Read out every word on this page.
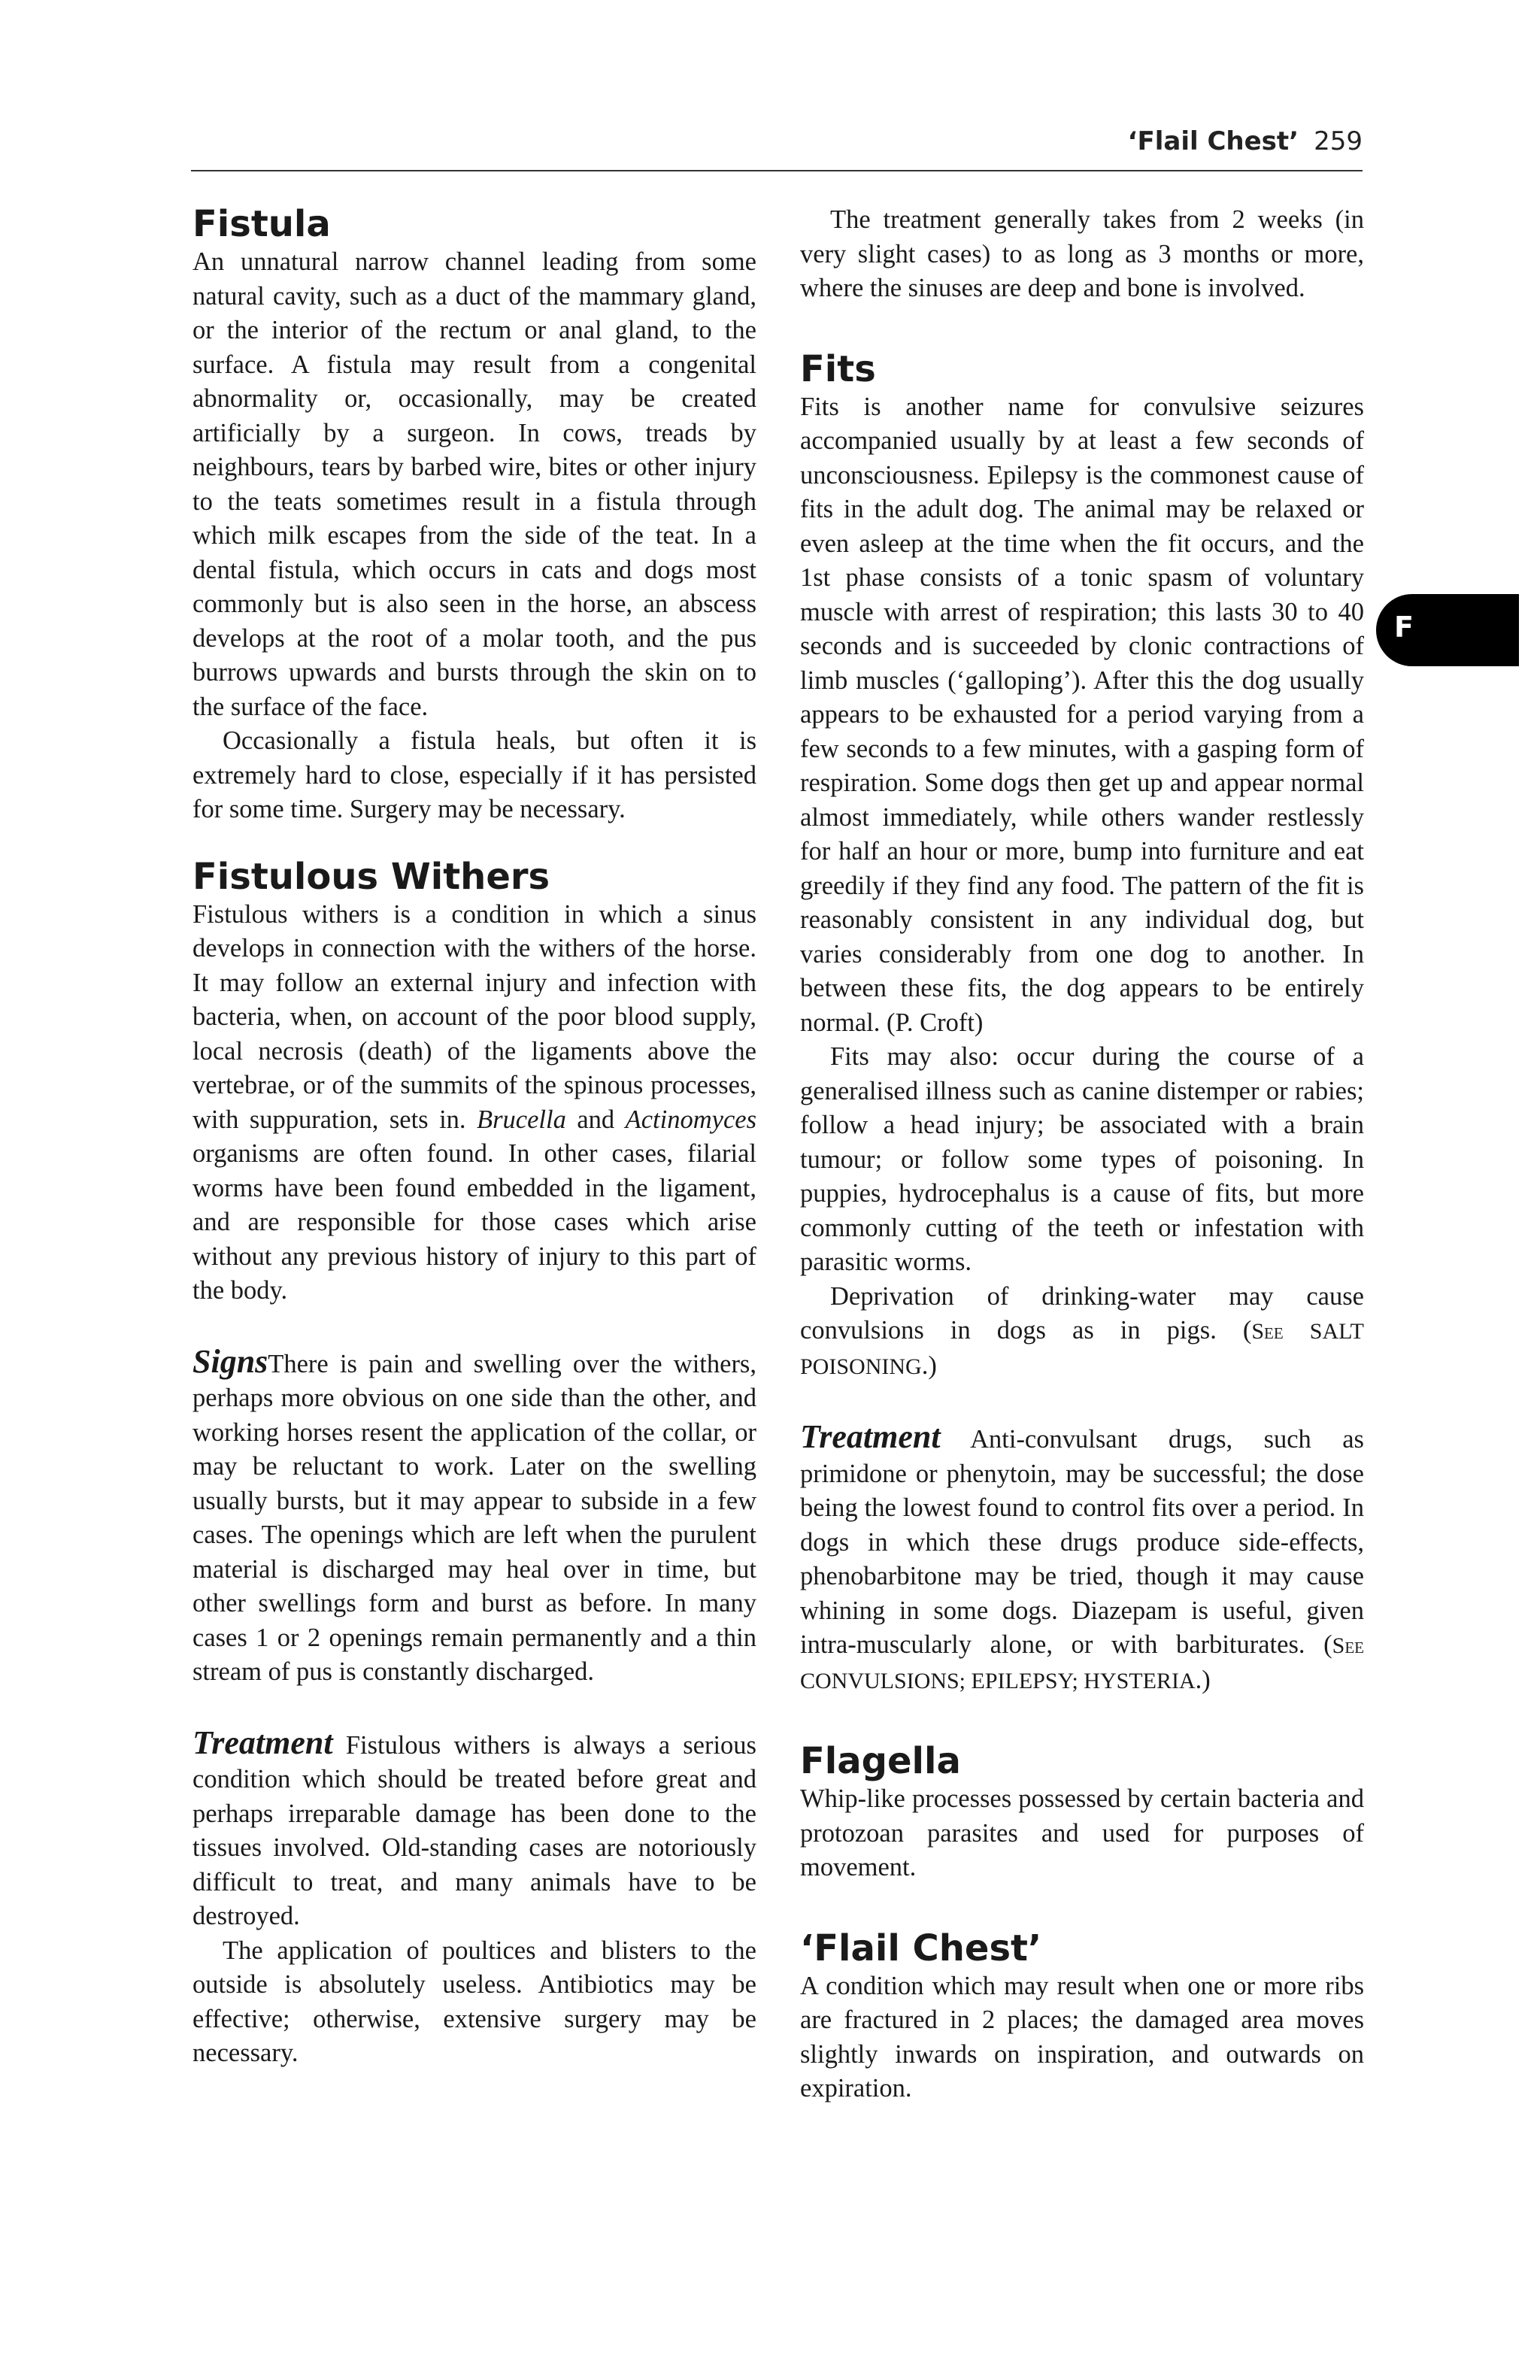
‘Flail Chest’ 259
F
Fistula

An unnatural narrow channel leading from some natural cavity, such as a duct of the mammary gland, or the interior of the rectum or anal gland, to the surface. A fistula may result from a congenital abnormality or, occasionally, may be created artificially by a surgeon. In cows, treads by neighbours, tears by barbed wire, bites or other injury to the teats sometimes result in a fistula through which milk escapes from the side of the teat. In a dental fistula, which occurs in cats and dogs most commonly but is also seen in the horse, an abscess develops at the root of a molar tooth, and the pus burrows upwards and bursts through the skin on to the surface of the face.

Occasionally a fistula heals, but often it is extremely hard to close, especially if it has persisted for some time. Surgery may be necessary.

Fistulous Withers

Fistulous withers is a condition in which a sinus develops in connection with the withers of the horse. It may follow an external injury and infection with bacteria, when, on account of the poor blood supply, local necrosis (death) of the ligaments above the vertebrae, or of the summits of the spinous processes, with suppuration, sets in. Brucella and Actinomyces organisms are often found. In other cases, filarial worms have been found embedded in the ligament, and are responsible for those cases which arise without any previous history of injury to this part of the body.

SignsThere is pain and swelling over the withers, perhaps more obvious on one side than the other, and working horses resent the application of the collar, or may be reluctant to work. Later on the swelling usually bursts, but it may appear to subside in a few cases. The openings which are left when the purulent material is discharged may heal over in time, but other swellings form and burst as before. In many cases 1 or 2 openings remain permanently and a thin stream of pus is constantly discharged.

Treatment Fistulous withers is always a serious condition which should be treated before great and perhaps irreparable damage has been done to the tissues involved. Old-standing cases are notoriously difficult to treat, and many animals have to be destroyed.

The application of poultices and blisters to the outside is absolutely useless. Antibiotics may be effective; otherwise, extensive surgery may be necessary.

The treatment generally takes from 2 weeks (in very slight cases) to as long as 3 months or more, where the sinuses are deep and bone is involved.

Fits

Fits is another name for convulsive seizures accompanied usually by at least a few seconds of unconsciousness. Epilepsy is the commonest cause of fits in the adult dog. The animal may be relaxed or even asleep at the time when the fit occurs, and the 1st phase consists of a tonic spasm of voluntary muscle with arrest of respiration; this lasts 30 to 40 seconds and is succeeded by clonic contractions of limb muscles (‘galloping’). After this the dog usually appears to be exhausted for a period varying from a few seconds to a few minutes, with a gasping form of respiration. Some dogs then get up and appear normal almost immediately, while others wander restlessly for half an hour or more, bump into furniture and eat greedily if they find any food. The pattern of the fit is reasonably consistent in any individual dog, but varies considerably from one dog to another. In between these fits, the dog appears to be entirely normal. (P. Croft)

Fits may also: occur during the course of a generalised illness such as canine distemper or rabies; follow a head injury; be associated with a brain tumour; or follow some types of poisoning. In puppies, hydrocephalus is a cause of fits, but more commonly cutting of the teeth or infestation with parasitic worms.

Deprivation of drinking-water may cause convulsions in dogs as in pigs. (See SALT POISONING.)

Treatment Anti-convulsant drugs, such as primidone or phenytoin, may be successful; the dose being the lowest found to control fits over a period. In dogs in which these drugs produce side-effects, phenobarbitone may be tried, though it may cause whining in some dogs. Diazepam is useful, given intra-muscularly alone, or with barbiturates. (See CONVULSIONS; EPILEPSY; HYSTERIA.)

Flagella

Whip-like processes possessed by certain bacteria and protozoan parasites and used for purposes of movement.

‘Flail Chest’

A condition which may result when one or more ribs are fractured in 2 places; the damaged area moves slightly inwards on inspiration, and outwards on expiration.
